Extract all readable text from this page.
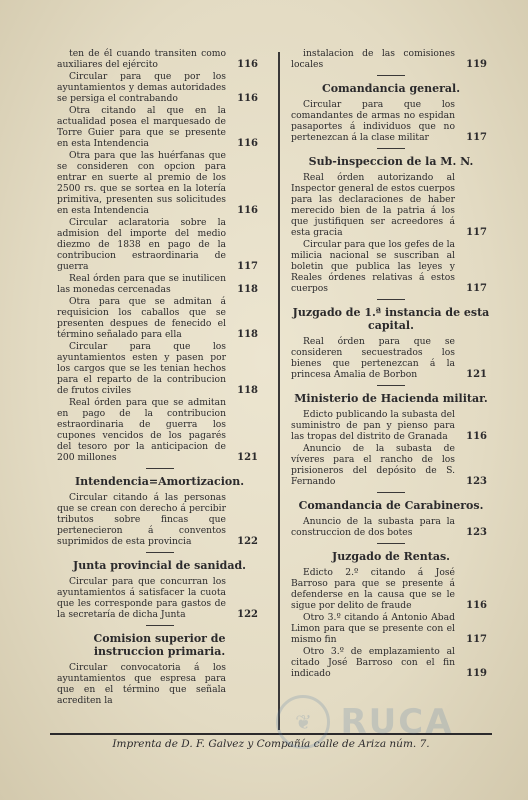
ten de él cuando transiten como auxiliares del ejército	116
Circular para que por los ayuntamientos y demas autoridades se persiga el contrabando	116
Otra citando al que en la actualidad posea el marquesado de Torre Guier para que se presente en esta Intendencia	116
Otra para que las huérfanas que se consideren con opcion para entrar en suerte al premio de los 2500 rs. que se sortea en la lotería primitiva, presenten sus solicitudes en esta Intendencia	116
Circular aclaratoria sobre la admision del importe del medio diezmo de 1838 en pago de la contribucion estraordinaria de guerra	117
Real órden para que se inutilicen las monedas cercenadas	118
Otra para que se admitan á requisicion los caballos que se presenten despues de fenecido el término señalado para ella	118
Circular para que los ayuntamientos esten y pasen por los cargos que se les tenian hechos para el reparto de la contribucion de frutos civiles	118
Real órden para que se admitan en pago de la contribucion estraordinaria de guerra los cupones vencidos de los pagarés del tesoro por la anticipacion de 200 millones	121
Intendencia=Amortizacion.
Circular citando á las personas que se crean con derecho á percibir tributos sobre fincas que pertenecieron á conventos suprimidos de esta provincia	122
Junta provincial de sanidad.
Circular para que concurran los ayuntamientos á satisfacer la cuota que les corresponde para gastos de la secretaría de dicha Junta	122
Comision superior de instruccion primaria.
Circular convocatoria á los ayuntamientos que espresa para que en el término que señala acrediten la
instalacion de las comisiones locales	119
Comandancia general.
Circular para que los comandantes de armas no espidan pasaportes á individuos que no pertenezcan á la clase militar	117
Sub-inspeccion de la M. N.
Real órden autorizando al Inspector general de estos cuerpos para las declaraciones de haber merecido bien de la patria á los que justifiquen ser acreedores á esta gracia	117
Circular para que los gefes de la milicia nacional se suscriban al boletin que publica las leyes y Reales órdenes relativas á estos cuerpos	117
Juzgado de 1.ª instancia de esta capital.
Real órden para que se consideren secuestrados los bienes que pertenezcan á la princesa Amalia de Borbon	121
Ministerio de Hacienda militar.
Edicto publicando la subasta del suministro de pan y pienso para las tropas del distrito de Granada	116
Anuncio de la subasta de víveres para el rancho de los prisioneros del depósito de S. Fernando	123
Comandancia de Carabineros.
Anuncio de la subasta para la construccion de dos botes	123
Juzgado de Rentas.
Edicto 2.º citando á José Barroso para que se presente á defenderse en la causa que se le sigue por delito de fraude	116
Otro 3.º citando á Antonio Abad Limon para que se presente con el mismo fin	117
Otro 3.º de emplazamiento al citado José Barroso con el fin indicado	119
Imprenta de D. F. Galvez y Compañía calle de Ariza núm. 7.
❦ RUCA
